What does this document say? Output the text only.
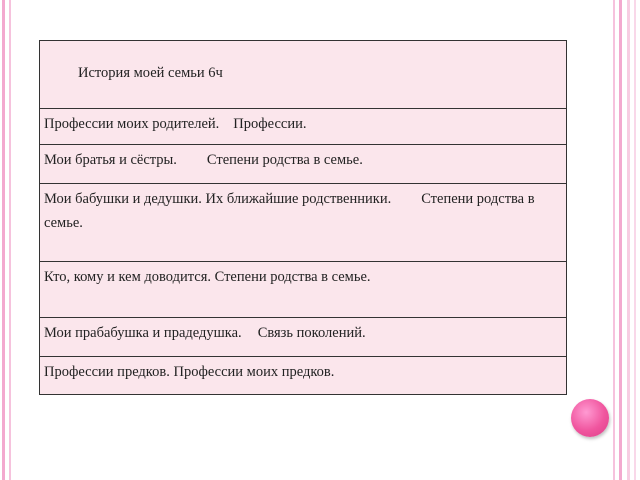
История моей семьи 6ч
Профессии моих родителей. Профессии.
Мои братья и сёстры. Степени родства в семье.
Мои бабушки и дедушки. Их ближайшие родственники. Степени родства в семье.
Кто, кому и кем доводится. Степени родства в семье.
Мои прабабушка и прадедушка. Связь поколений.
Профессии предков. Профессии моих предков.
